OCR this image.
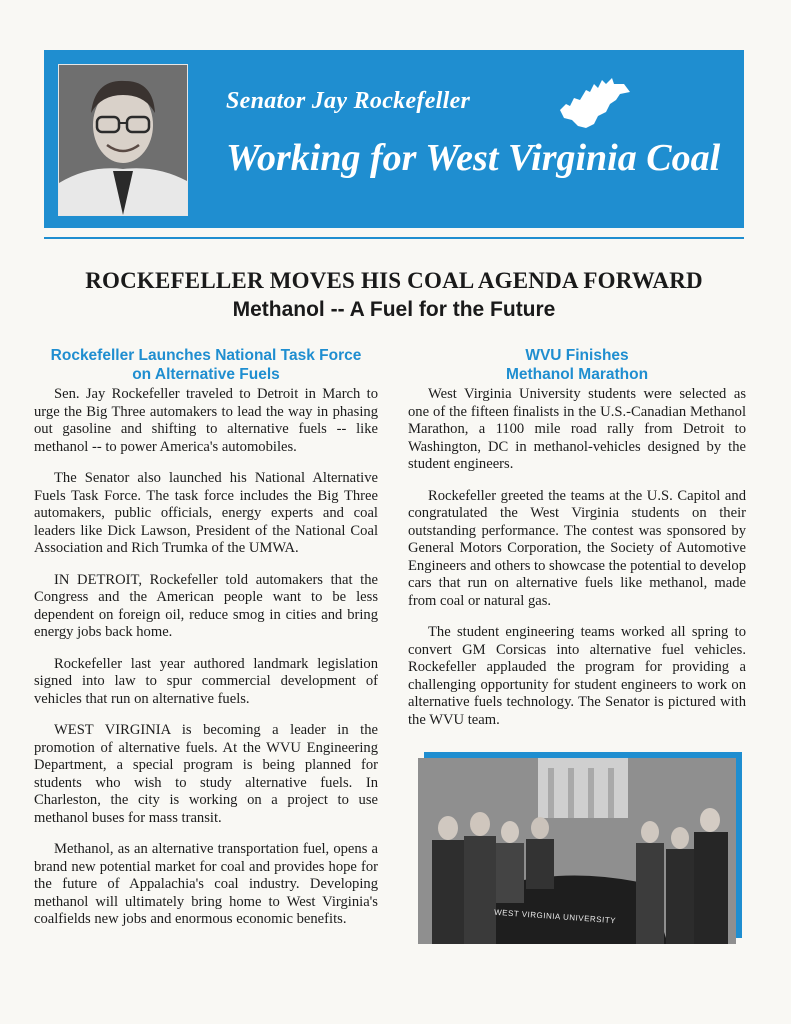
Senator Jay Rockefeller
Working for West Virginia Coal
ROCKEFELLER MOVES HIS COAL AGENDA FORWARD
Methanol -- A Fuel for the Future
Rockefeller Launches National Task Force
on Alternative Fuels

Sen. Jay Rockefeller traveled to Detroit in March to urge the Big Three automakers to lead the way in phasing out gasoline and shifting to alternative fuels -- like methanol -- to power America's automobiles.

The Senator also launched his National Alternative Fuels Task Force. The task force includes the Big Three automakers, public officials, energy experts and coal leaders like Dick Lawson, President of the National Coal Association and Rich Trumka of the UMWA.

IN DETROIT, Rockefeller told automakers that the Congress and the American people want to be less dependent on foreign oil, reduce smog in cities and bring energy jobs back home.

Rockefeller last year authored landmark legislation signed into law to spur commercial development of vehicles that run on alternative fuels.

WEST VIRGINIA is becoming a leader in the promotion of alternative fuels. At the WVU Engineering Department, a special program is being planned for students who wish to study alternative fuels. In Charleston, the city is working on a project to use methanol buses for mass transit.

Methanol, as an alternative transportation fuel, opens a brand new potential market for coal and provides hope for the future of Appalachia's coal industry. Developing methanol will ultimately bring home to West Virginia's coalfields new jobs and enormous economic benefits.

WVU Finishes
Methanol Marathon

West Virginia University students were selected as one of the fifteen finalists in the U.S.-Canadian Methanol Marathon, a 1100 mile road rally from Detroit to Washington, DC in methanol-vehicles designed by the student engineers.

Rockefeller greeted the teams at the U.S. Capitol and congratulated the West Virginia students on their outstanding performance. The contest was sponsored by General Motors Corporation, the Society of Automotive Engineers and others to showcase the potential to develop cars that run on alternative fuels like methanol, made from coal or natural gas.

The student engineering teams worked all spring to convert GM Corsicas into alternative fuel vehicles. Rockefeller applauded the program for providing a challenging opportunity for student engineers to work on alternative fuels technology. The Senator is pictured with the WVU team.

WEST VIRGINIA UNIVERSITY
